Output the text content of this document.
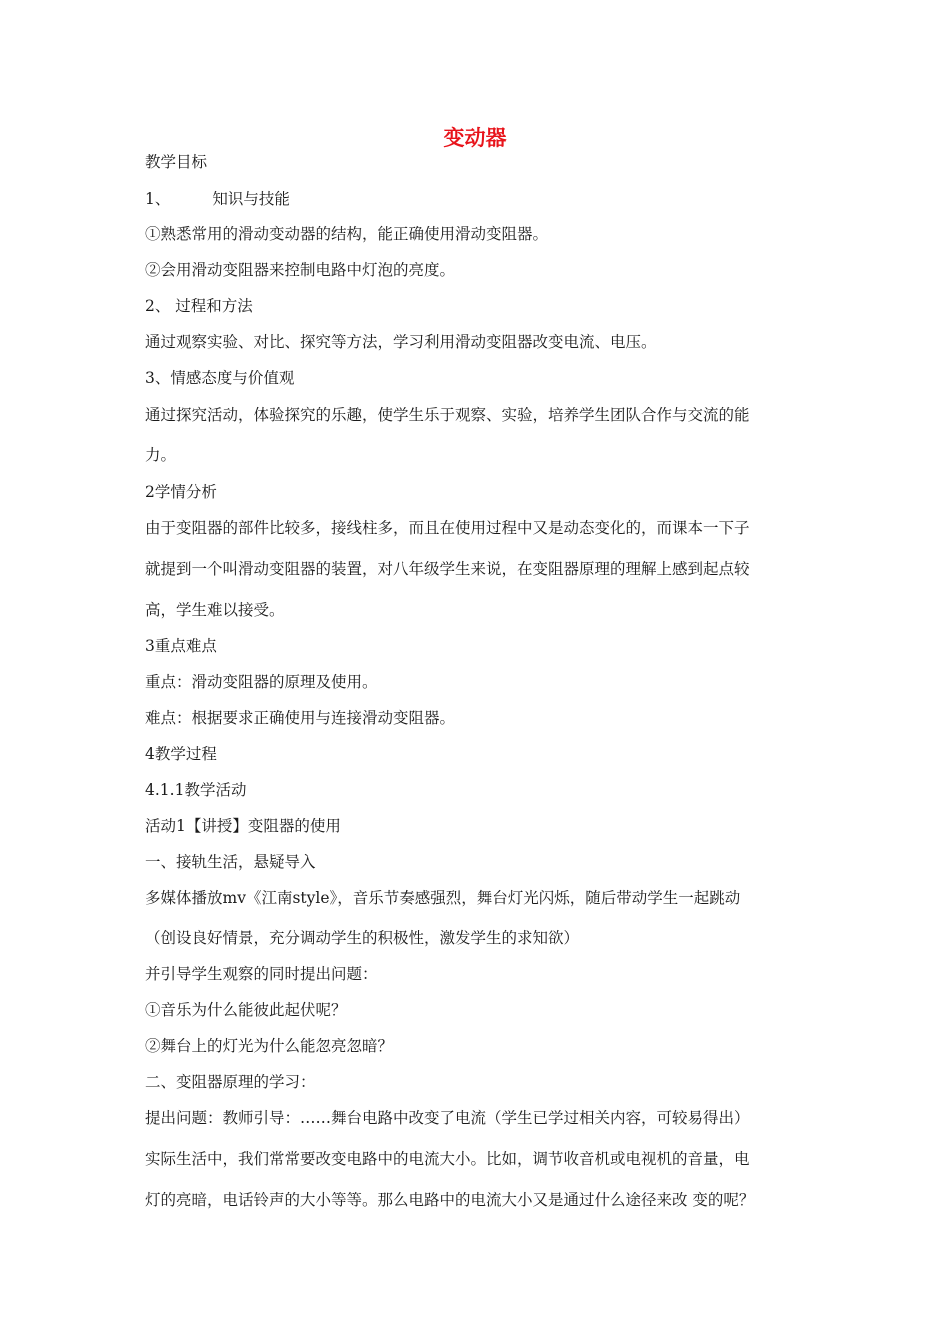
变动器
教学目标
1、	知识与技能
①熟悉常用的滑动变动器的结构，能正确使用滑动变阻器。
②会用滑动变阻器来控制电路中灯泡的亮度。
2、 过程和方法
通过观察实验、对比、探究等方法，学习利用滑动变阻器改变电流、电压。
3、情感态度与价值观
通过探究活动，体验探究的乐趣，使学生乐于观察、实验，培养学生团队合作与交流的能
力。
2学情分析
由于变阻器的部件比较多，接线柱多，而且在使用过程中又是动态变化的，而课本一下子
就提到一个叫滑动变阻器的装置，对八年级学生来说，在变阻器原理的理解上感到起点较
高，学生难以接受。
3重点难点
重点：滑动变阻器的原理及使用。
难点：根据要求正确使用与连接滑动变阻器。
4教学过程
4.1.1教学活动
活动1【讲授】变阻器的使用
一、接轨生活，悬疑导入
多媒体播放mv《江南style》，音乐节奏感强烈，舞台灯光闪烁，随后带动学生一起跳动
（创设良好情景，充分调动学生的积极性，激发学生的求知欲）
并引导学生观察的同时提出问题：
①音乐为什么能彼此起伏呢？
②舞台上的灯光为什么能忽亮忽暗？
二、变阻器原理的学习：
提出问题：教师引导：……舞台电路中改变了电流（学生已学过相关内容，可较易得出）
实际生活中，我们常常要改变电路中的电流大小。比如，调节收音机或电视机的音量，电
灯的亮暗，电话铃声的大小等等。那么电路中的电流大小又是通过什么途径来改 变的呢？
